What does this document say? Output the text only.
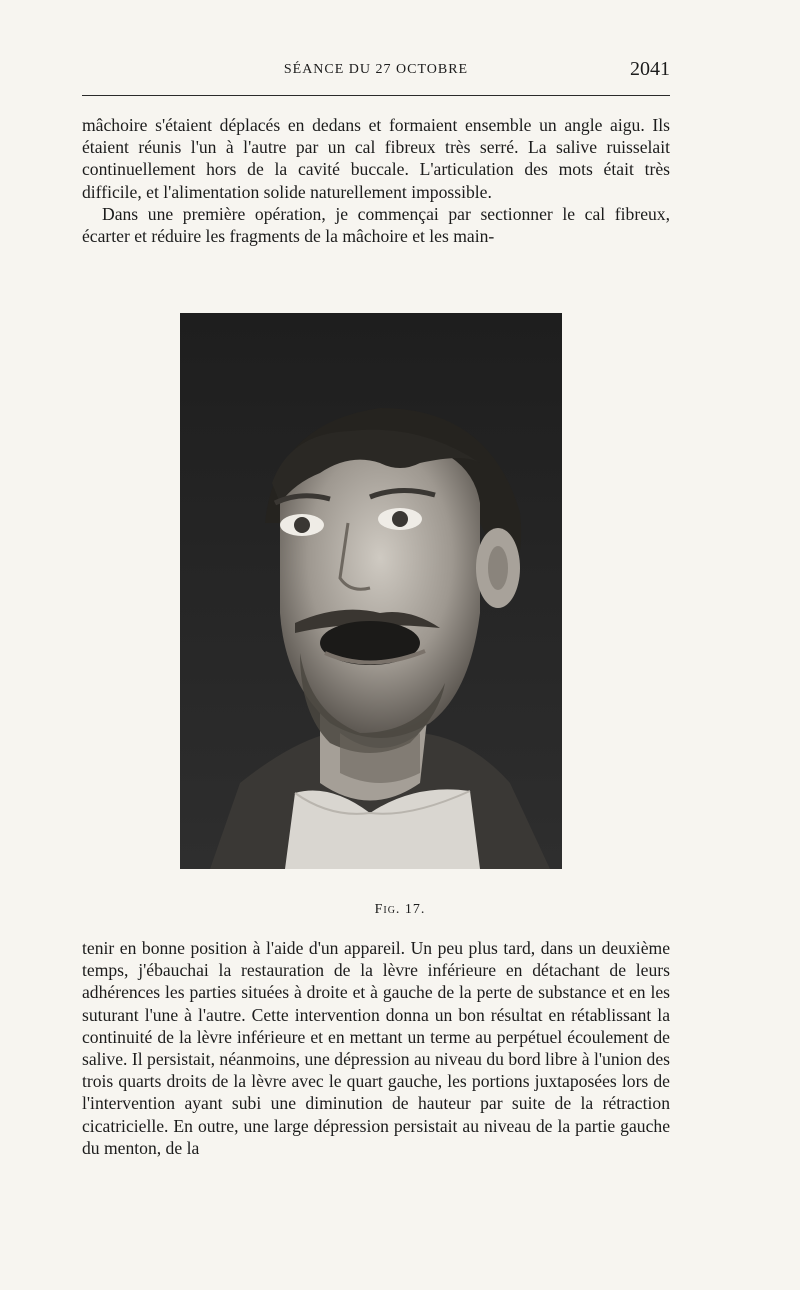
SÉANCE DU 27 OCTOBRE	2041

mâchoire s'étaient déplacés en dedans et formaient ensemble un angle aigu. Ils étaient réunis l'un à l'autre par un cal fibreux très serré. La salive ruisselait continuellement hors de la cavité buccale. L'articulation des mots était très difficile, et l'alimentation solide naturellement impossible.

Dans une première opération, je commençai par sectionner le cal fibreux, écarter et réduire les fragments de la mâchoire et les main-

Fig. 17.

tenir en bonne position à l'aide d'un appareil. Un peu plus tard, dans un deuxième temps, j'ébauchai la restauration de la lèvre inférieure en détachant de leurs adhérences les parties situées à droite et à gauche de la perte de substance et en les suturant l'une à l'autre. Cette intervention donna un bon résultat en rétablissant la continuité de la lèvre inférieure et en mettant un terme au perpétuel écoulement de salive. Il persistait, néanmoins, une dépression au niveau du bord libre à l'union des trois quarts droits de la lèvre avec le quart gauche, les portions juxtaposées lors de l'intervention ayant subi une diminution de hauteur par suite de la rétraction cicatricielle. En outre, une large dépression persistait au niveau de la partie gauche du menton, de la
